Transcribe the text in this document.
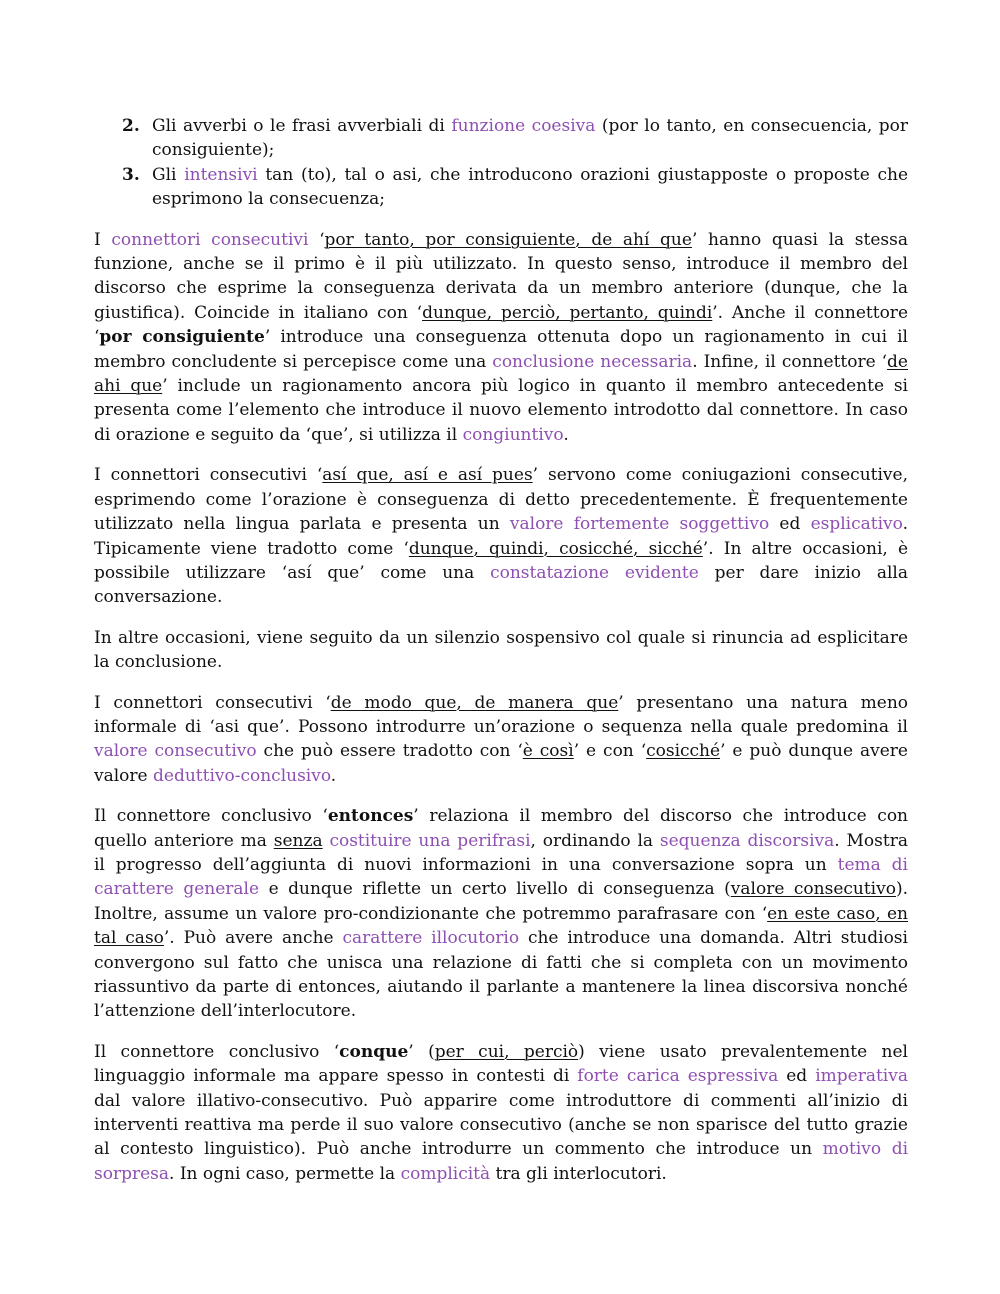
2. Gli avverbi o le frasi avverbiali di funzione coesiva (por lo tanto, en consecuencia, por consiguiente);
3. Gli intensivi tan (to), tal o asi, che introducono orazioni giustapposte o proposte che esprimono la consecuenza;

I connettori consecutivi ‘por tanto, por consiguiente, de ahí que’ hanno quasi la stessa funzione, anche se il primo è il più utilizzato. In questo senso, introduce il membro del discorso che esprime la conseguenza derivata da un membro anteriore (dunque, che la giustifica). Coincide in italiano con ‘dunque, perciò, pertanto, quindi’. Anche il connettore ‘por consiguiente’ introduce una conseguenza ottenuta dopo un ragionamento in cui il membro concludente si percepisce come una conclusione necessaria. Infine, il connettore ‘de ahi que’ include un ragionamento ancora più logico in quanto il membro antecedente si presenta come l’elemento che introduce il nuovo elemento introdotto dal connettore. In caso di orazione e seguito da ‘que’, si utilizza il congiuntivo.

I connettori consecutivi ‘así que, así e así pues’ servono come coniugazioni consecutive, esprimendo come l’orazione è conseguenza di detto precedentemente. È frequentemente utilizzato nella lingua parlata e presenta un valore fortemente soggettivo ed esplicativo. Tipicamente viene tradotto come ‘dunque, quindi, cosicché, sicché’. In altre occasioni, è possibile utilizzare ‘así que’ come una constatazione evidente per dare inizio alla conversazione.

In altre occasioni, viene seguito da un silenzio sospensivo col quale si rinuncia ad esplicitare la conclusione.

I connettori consecutivi ‘de modo que, de manera que’ presentano una natura meno informale di ‘asi que’. Possono introdurre un’orazione o sequenza nella quale predomina il valore consecutivo che può essere tradotto con ‘è così’ e con ‘cosicché’ e può dunque avere valore deduttivo-conclusivo.

Il connettore conclusivo ‘entonces’ relaziona il membro del discorso che introduce con quello anteriore ma senza costituire una perifrasi, ordinando la sequenza discorsiva. Mostra il progresso dell’aggiunta di nuovi informazioni in una conversazione sopra un tema di carattere generale e dunque riflette un certo livello di conseguenza (valore consecutivo). Inoltre, assume un valore pro-condizionante che potremmo parafrasare con ‘en este caso, en tal caso’. Può avere anche carattere illocutorio che introduce una domanda. Altri studiosi convergono sul fatto che unisca una relazione di fatti che si completa con un movimento riassuntivo da parte di entonces, aiutando il parlante a mantenere la linea discorsiva nonché l’attenzione dell’interlocutore.

Il connettore conclusivo ‘conque’ (per cui, perciò) viene usato prevalentemente nel linguaggio informale ma appare spesso in contesti di forte carica espressiva ed imperativa dal valore illativo-consecutivo. Può apparire come introduttore di commenti all’inizio di interventi reattiva ma perde il suo valore consecutivo (anche se non sparisce del tutto grazie al contesto linguistico). Può anche introdurre un commento che introduce un motivo di sorpresa. In ogni caso, permette la complicità tra gli interlocutori.
